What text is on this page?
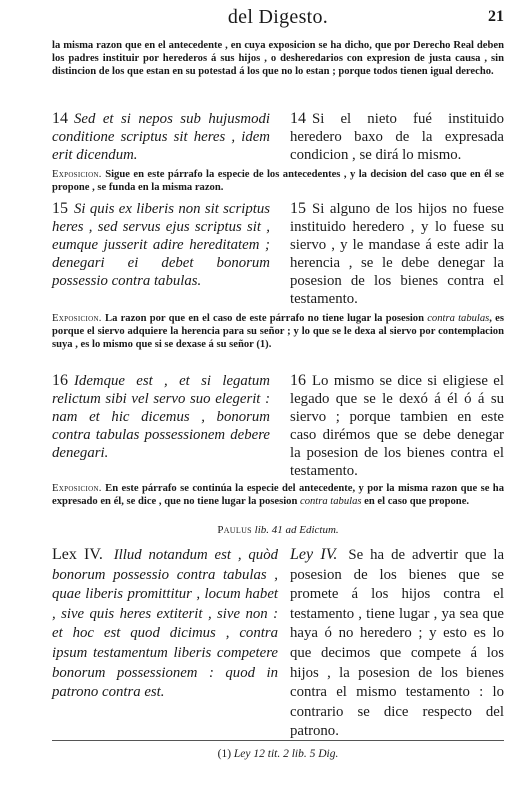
del Digesto.	21
la misma razon que en el antecedente , en cuya exposicion se ha dicho, que por Derecho Real deben los padres instituir por herederos á sus hijos , o desheredarios con expresion de justa causa , sin distincion de los que estan en su potestad á los que no lo estan ; porque todos tienen igual derecho.
14 Sed et si nepos sub hujusmodi conditione scriptus sit heres , idem erit dicendum.
14 Si el nieto fué instituido heredero baxo de la expresada condicion , se dirá lo mismo.
Exposicion. Sigue en este párrafo la especie de los antecedentes , y la decision del caso que en él se propone , se funda en la misma razon.
15 Si quis ex liberis non sit scriptus heres , sed servus ejus scriptus sit , eumque jusserit adire hereditatem ; denegari ei debet bonorum possessio contra tabulas.
15 Si alguno de los hijos no fuese instituido heredero , y lo fuese su siervo , y le mandase á este adir la herencia , se le debe denegar la posesion de los bienes contra el testamento.
Exposicion. La razon por que en el caso de este párrafo no tiene lugar la posesion contra tabulas, es porque el siervo adquiere la herencia para su señor ; y lo que se le dexa al siervo por contemplacion suya , es lo mismo que si se dexase á su señor (1).
16 Idemque est , et si legatum relictum sibi vel servo suo elegerit : nam et hic dicemus , bonorum contra tabulas possessionem debere denegari.
16 Lo mismo se dice si eligiese el legado que se le dexó á él ó á su siervo ; porque tambien en este caso dirémos que se debe denegar la posesion de los bienes contra el testamento.
Exposicion. En este párrafo se continúa la especie del antecedente, y por la misma razon que se ha expresado en él, se dice , que no tiene lugar la posesion contra tabulas en el caso que propone.
Paulus lib. 41 ad Edictum.
Lex IV. Illud notandum est , quòd bonorum possessio contra tabulas , quae liberis promittitur , locum habet , sive quis heres extiterit , sive non : et hoc est quod dicimus , contra ipsum testamentum liberis competere bonorum possessionem : quod in patrono contra est.
Ley IV. Se ha de advertir que la posesion de los bienes que se promete á los hijos contra el testamento , tiene lugar , ya sea que haya ó no heredero ; y esto es lo que decimos que compete á los hijos , la posesion de los bienes contra el mismo testamento : lo contrario se dice respecto del patrono.
(1) Ley 12 tit. 2 lib. 5 Dig.
